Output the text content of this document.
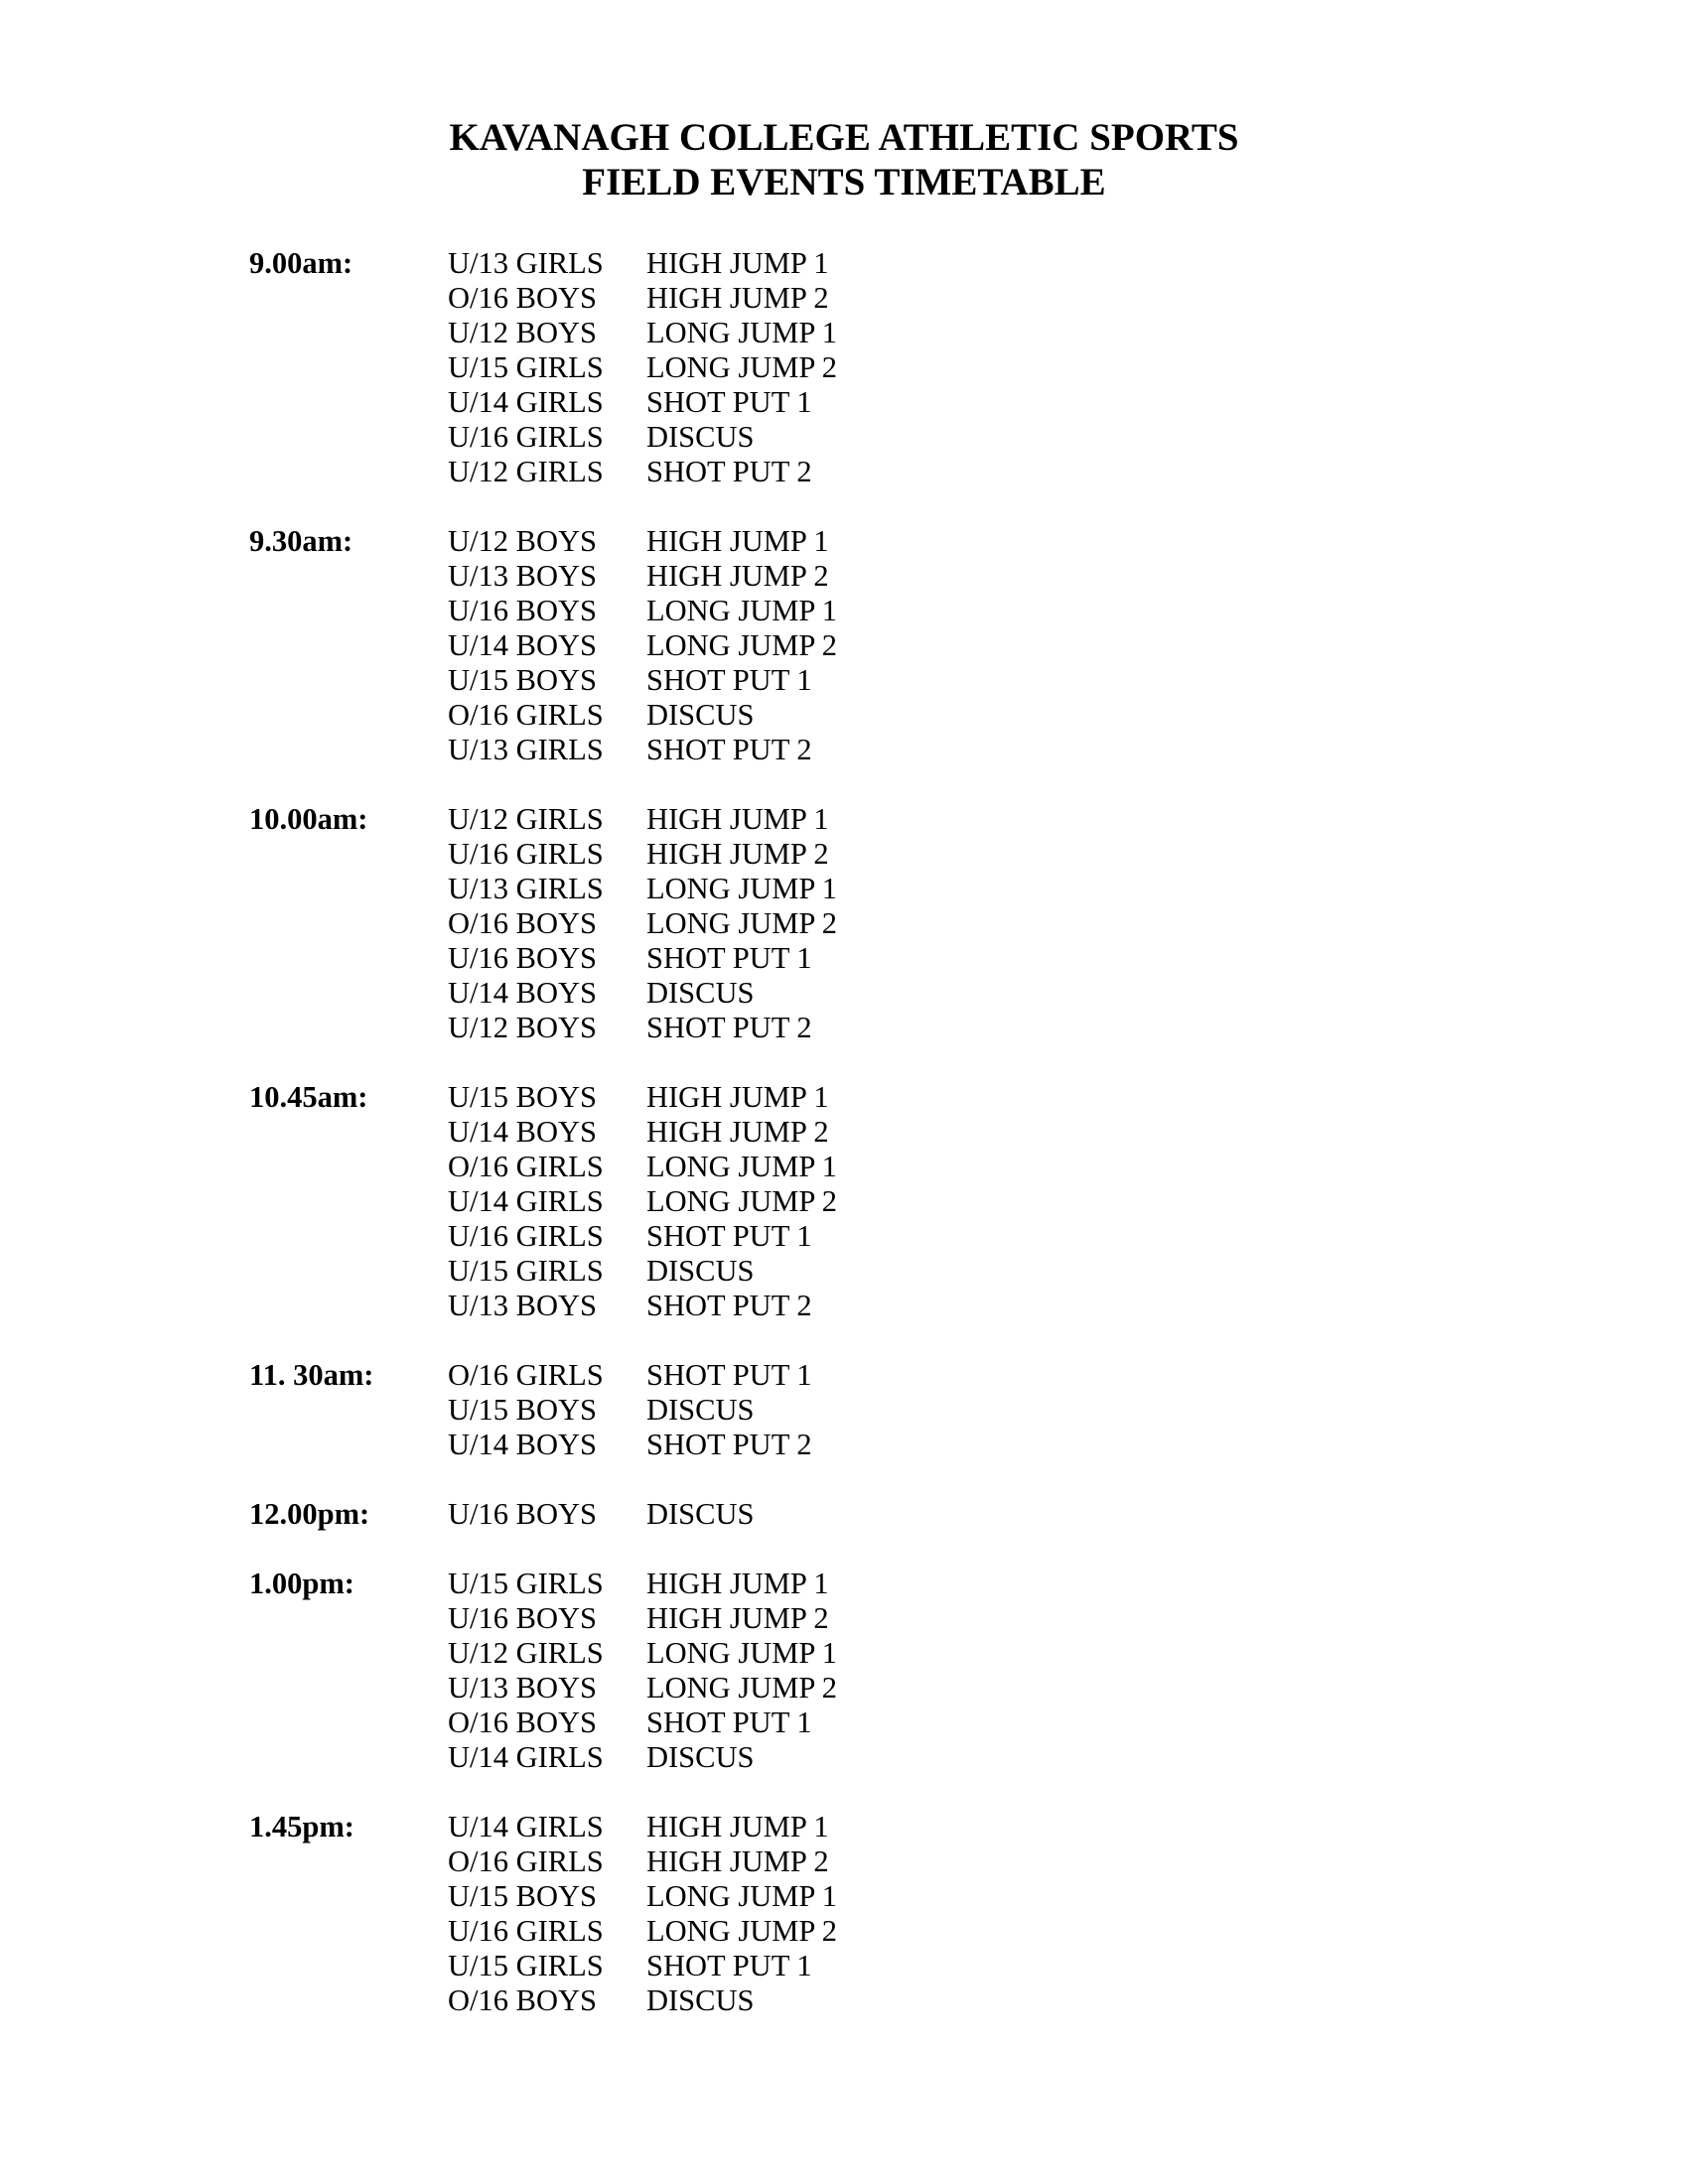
KAVANAGH COLLEGE ATHLETIC SPORTS
FIELD EVENTS TIMETABLE
9.00am:	U/13 GIRLS	HIGH JUMP 1
O/16 BOYS	HIGH JUMP 2
U/12 BOYS	LONG JUMP 1
U/15 GIRLS	LONG JUMP 2
U/14 GIRLS	SHOT PUT 1
U/16 GIRLS	DISCUS
U/12 GIRLS	SHOT PUT 2
9.30am:	U/12 BOYS	HIGH JUMP 1
U/13 BOYS	HIGH JUMP 2
U/16 BOYS	LONG JUMP 1
U/14 BOYS	LONG JUMP 2
U/15 BOYS	SHOT PUT 1
O/16 GIRLS	DISCUS
U/13 GIRLS	SHOT PUT 2
10.00am:	U/12 GIRLS	HIGH JUMP 1
U/16 GIRLS	HIGH JUMP 2
U/13 GIRLS	LONG JUMP 1
O/16 BOYS	LONG JUMP 2
U/16 BOYS	SHOT PUT 1
U/14 BOYS	DISCUS
U/12 BOYS	SHOT PUT 2
10.45am:	U/15 BOYS	HIGH JUMP 1
U/14 BOYS	HIGH JUMP 2
O/16 GIRLS	LONG JUMP 1
U/14 GIRLS	LONG JUMP 2
U/16 GIRLS	SHOT PUT 1
U/15 GIRLS	DISCUS
U/13 BOYS	SHOT PUT 2
11. 30am:	O/16 GIRLS	SHOT PUT 1
U/15 BOYS	DISCUS
U/14 BOYS	SHOT PUT 2
12.00pm:	U/16 BOYS	DISCUS
1.00pm:	U/15 GIRLS	HIGH JUMP 1
U/16 BOYS	HIGH JUMP 2
U/12 GIRLS	LONG JUMP 1
U/13 BOYS	LONG JUMP 2
O/16 BOYS	SHOT PUT 1
U/14 GIRLS	DISCUS
1.45pm:	U/14 GIRLS	HIGH JUMP 1
O/16 GIRLS	HIGH JUMP 2
U/15 BOYS	LONG JUMP 1
U/16 GIRLS	LONG JUMP 2
U/15 GIRLS	SHOT PUT 1
O/16 BOYS	DISCUS
